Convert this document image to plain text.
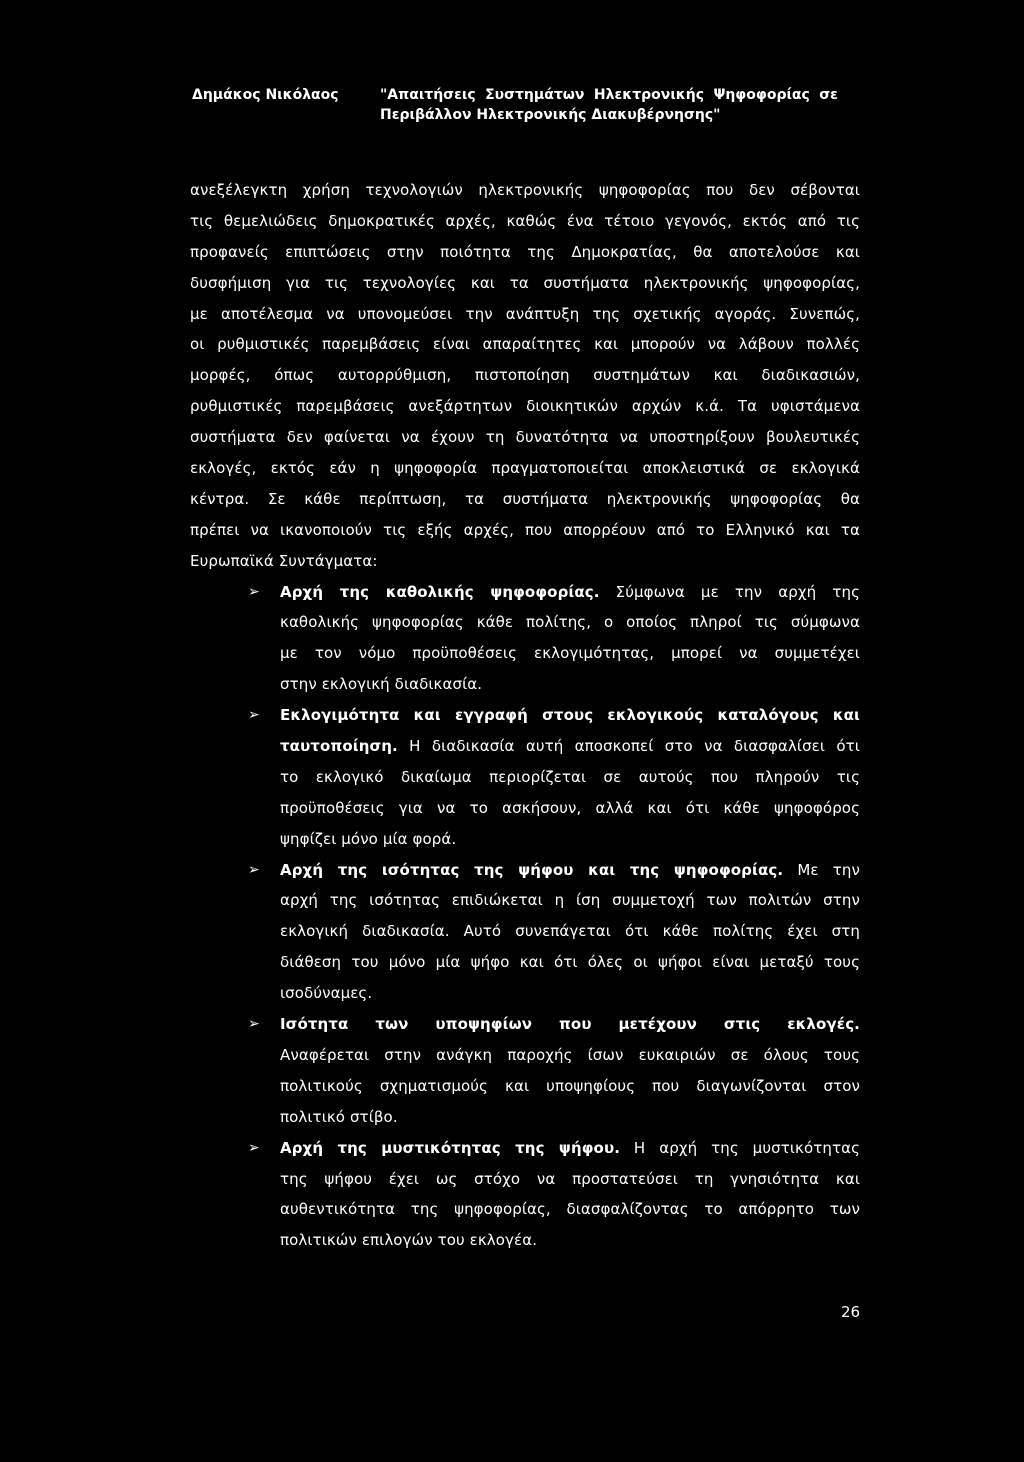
Δημάκος Νικόλαος	"Απαιτήσεις Συστημάτων Ηλεκτρονικής Ψηφοφορίας σε
Περιβάλλον Ηλεκτρονικής Διακυβέρνησης"
ανεξέλεγκτη χρήση τεχνολογιών ηλεκτρονικής ψηφοφορίας που δεν σέβονται
τις θεμελιώδεις δημοκρατικές αρχές, καθώς ένα τέτοιο γεγονός, εκτός από τις
προφανείς επιπτώσεις στην ποιότητα της Δημοκρατίας, θα αποτελούσε και
δυσφήμιση για τις τεχνολογίες και τα συστήματα ηλεκτρονικής ψηφοφορίας,
με αποτέλεσμα να υπονομεύσει την ανάπτυξη της σχετικής αγοράς. Συνεπώς,
οι ρυθμιστικές παρεμβάσεις είναι απαραίτητες και μπορούν να λάβουν πολλές
μορφές, όπως αυτορρύθμιση, πιστοποίηση συστημάτων και διαδικασιών,
ρυθμιστικές παρεμβάσεις ανεξάρτητων διοικητικών αρχών κ.ά. Τα υφιστάμενα
συστήματα δεν φαίνεται να έχουν τη δυνατότητα να υποστηρίξουν βουλευτικές
εκλογές, εκτός εάν η ψηφοφορία πραγματοποιείται αποκλειστικά σε εκλογικά
κέντρα. Σε κάθε περίπτωση, τα συστήματα ηλεκτρονικής ψηφοφορίας θα
πρέπει να ικανοποιούν τις εξής αρχές, που απορρέουν από το Ελληνικό και τα
Ευρωπαϊκά Συντάγματα:
➢ Αρχή της καθολικής ψηφοφορίας. Σύμφωνα με την αρχή της
καθολικής ψηφοφορίας κάθε πολίτης, ο οποίος πληροί τις σύμφωνα
με τον νόμο προϋποθέσεις εκλογιμότητας, μπορεί να συμμετέχει
στην εκλογική διαδικασία.
➢ Εκλογιμότητα και εγγραφή στους εκλογικούς καταλόγους και
ταυτοποίηση. Η διαδικασία αυτή αποσκοπεί στο να διασφαλίσει ότι
το εκλογικό δικαίωμα περιορίζεται σε αυτούς που πληρούν τις
προϋποθέσεις για να το ασκήσουν, αλλά και ότι κάθε ψηφοφόρος
ψηφίζει μόνο μία φορά.
➢ Αρχή της ισότητας της ψήφου και της ψηφοφορίας. Με την
αρχή της ισότητας επιδιώκεται η ίση συμμετοχή των πολιτών στην
εκλογική διαδικασία. Αυτό συνεπάγεται ότι κάθε πολίτης έχει στη
διάθεση του μόνο μία ψήφο και ότι όλες οι ψήφοι είναι μεταξύ τους
ισοδύναμες.
➢ Ισότητα των υποψηφίων που μετέχουν στις εκλογές.
Αναφέρεται στην ανάγκη παροχής ίσων ευκαιριών σε όλους τους
πολιτικούς σχηματισμούς και υποψηφίους που διαγωνίζονται στον
πολιτικό στίβο.
➢ Αρχή της μυστικότητας της ψήφου. Η αρχή της μυστικότητας
της ψήφου έχει ως στόχο να προστατεύσει τη γνησιότητα και
αυθεντικότητα της ψηφοφορίας, διασφαλίζοντας το απόρρητο των
πολιτικών επιλογών του εκλογέα.
26
